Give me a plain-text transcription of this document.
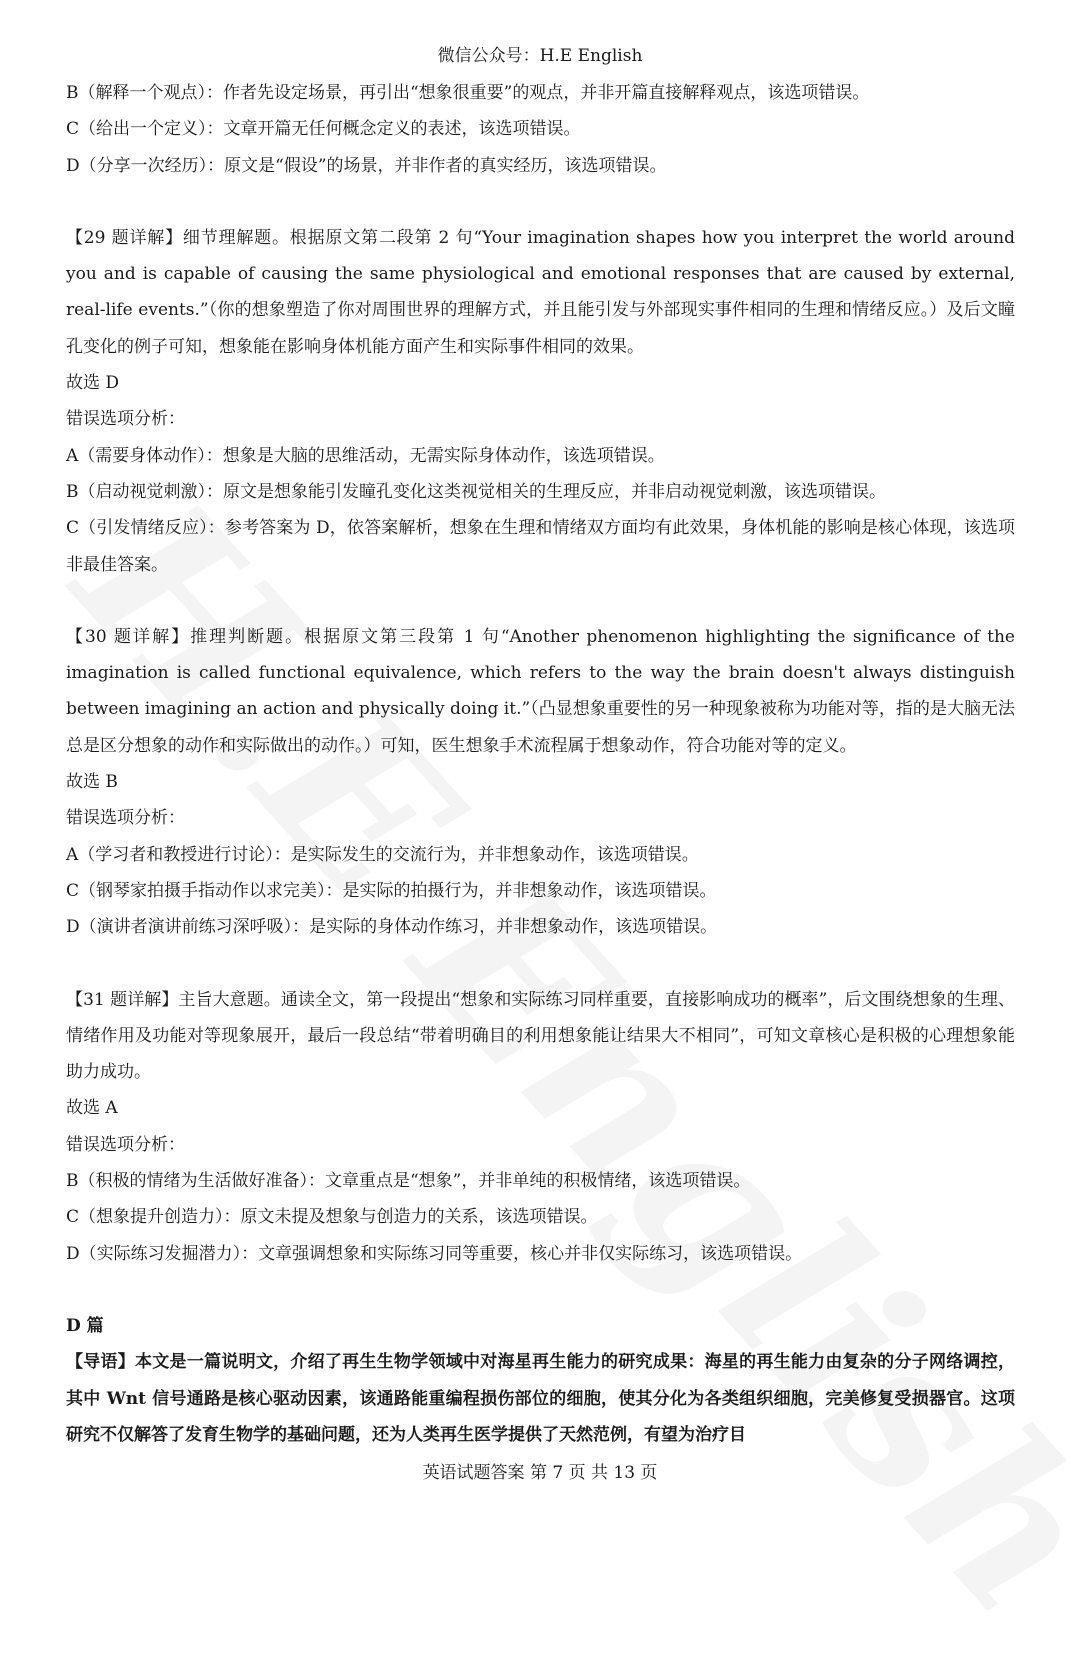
微信公众号：H.E English

B（解释一个观点）：作者先设定场景，再引出“想象很重要”的观点，并非开篇直接解释观点，该选项错误。

C（给出一个定义）：文章开篇无任何概念定义的表述，该选项错误。

D（分享一次经历）：原文是“假设”的场景，并非作者的真实经历，该选项错误。

【29 题详解】细节理解题。根据原文第二段第 2 句“Your imagination shapes how you interpret the world around you and is capable of causing the same physiological and emotional responses that are caused by external, real-life events.”（你的想象塑造了你对周围世界的理解方式，并且能引发与外部现实事件相同的生理和情绪反应。）及后文瞳孔变化的例子可知，想象能在影响身体机能方面产生和实际事件相同的效果。

故选 D

错误选项分析：

A（需要身体动作）：想象是大脑的思维活动，无需实际身体动作，该选项错误。

B（启动视觉刺激）：原文是想象能引发瞳孔变化这类视觉相关的生理反应，并非启动视觉刺激，该选项错误。

C（引发情绪反应）：参考答案为 D，依答案解析，想象在生理和情绪双方面均有此效果，身体机能的影响是核心体现，该选项非最佳答案。

【30 题详解】推理判断题。根据原文第三段第 1 句“Another phenomenon highlighting the significance of the imagination is called functional equivalence, which refers to the way the brain doesn't always distinguish between imagining an action and physically doing it.”（凸显想象重要性的另一种现象被称为功能对等，指的是大脑无法总是区分想象的动作和实际做出的动作。）可知，医生想象手术流程属于想象动作，符合功能对等的定义。

故选 B

错误选项分析：

A（学习者和教授进行讨论）：是实际发生的交流行为，并非想象动作，该选项错误。

C（钢琴家拍摄手指动作以求完美）：是实际的拍摄行为，并非想象动作，该选项错误。

D（演讲者演讲前练习深呼吸）：是实际的身体动作练习，并非想象动作，该选项错误。

【31 题详解】主旨大意题。通读全文，第一段提出“想象和实际练习同样重要，直接影响成功的概率”，后文围绕想象的生理、情绪作用及功能对等现象展开，最后一段总结“带着明确目的利用想象能让结果大不相同”，可知文章核心是积极的心理想象能助力成功。

故选 A

错误选项分析：

B（积极的情绪为生活做好准备）：文章重点是“想象”，并非单纯的积极情绪，该选项错误。

C（想象提升创造力）：原文未提及想象与创造力的关系，该选项错误。

D（实际练习发掘潜力）：文章强调想象和实际练习同等重要，核心并非仅实际练习，该选项错误。

D 篇

【导语】本文是一篇说明文，介绍了再生生物学领域中对海星再生能力的研究成果：海星的再生能力由复杂的分子网络调控，其中 Wnt 信号通路是核心驱动因素，该通路能重编程损伤部位的细胞，使其分化为各类组织细胞，完美修复受损器官。这项研究不仅解答了发育生物学的基础问题，还为人类再生医学提供了天然范例，有望为治疗目

英语试题答案 第 7 页 共 13 页
